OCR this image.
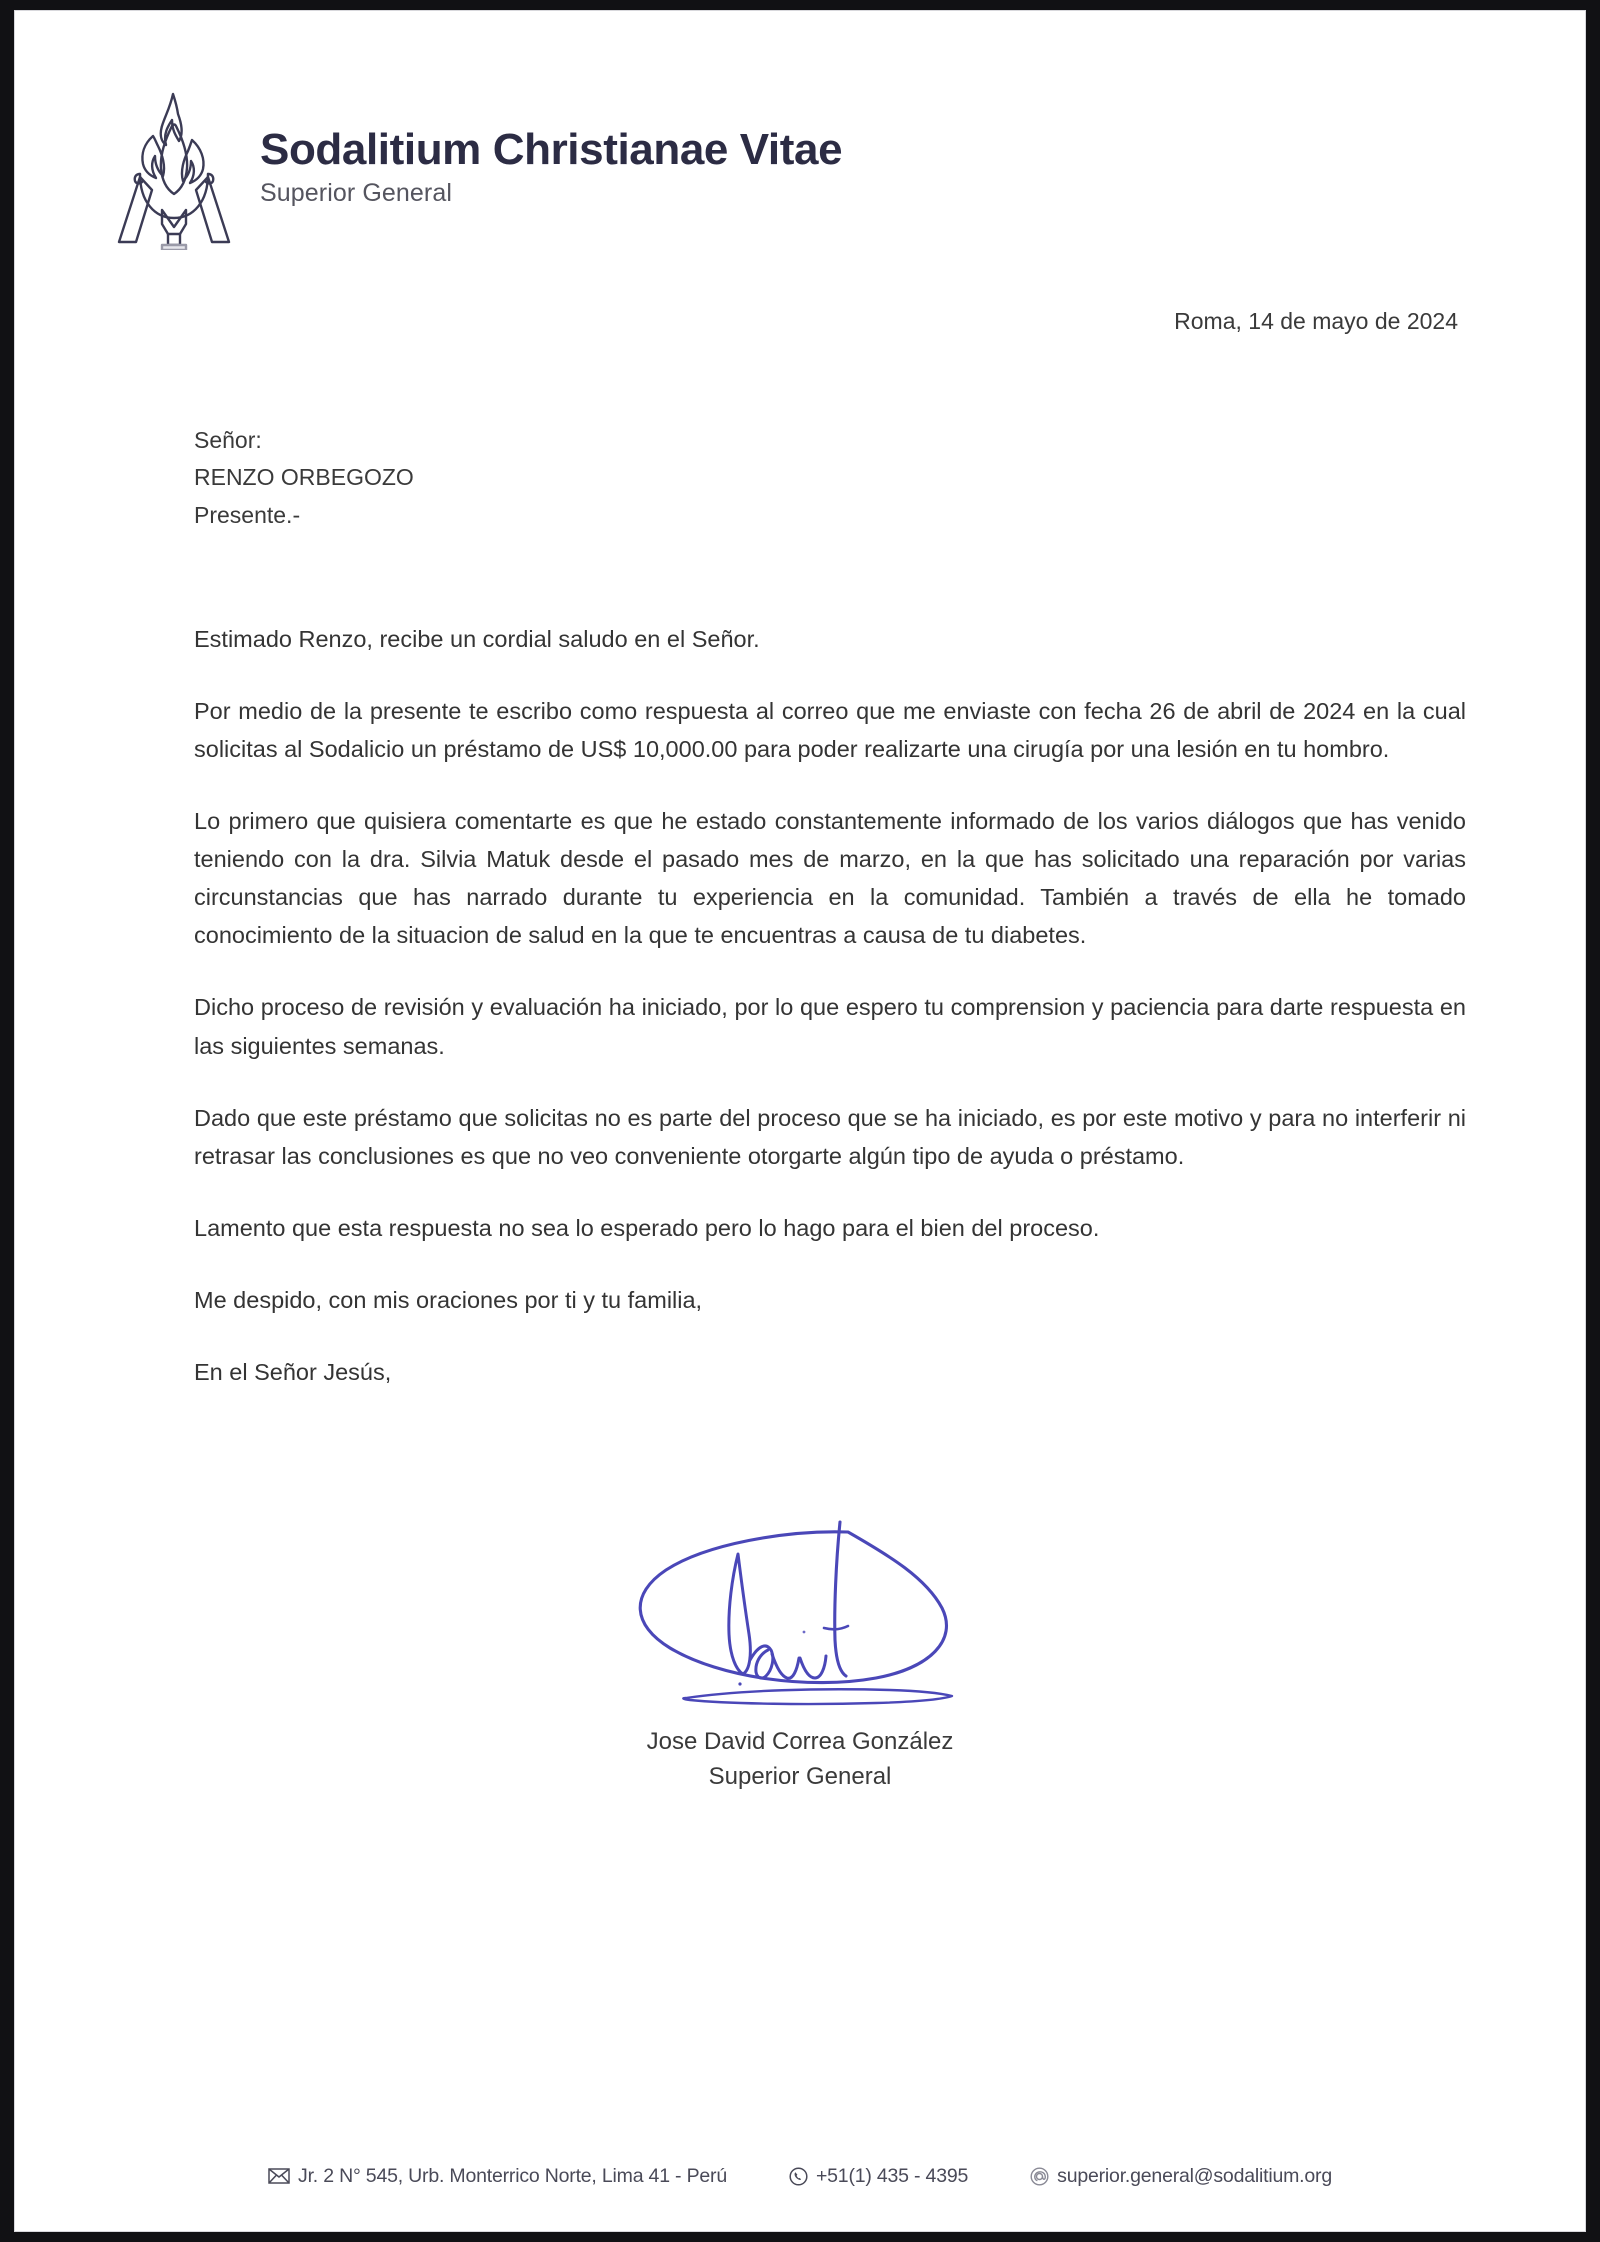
Sodalitium Christianae Vitae
Superior General
Roma, 14 de mayo de 2024
Señor:
RENZO ORBEGOZO
Presente.-

Estimado Renzo, recibe un cordial saludo en el Señor.

Por medio de la presente te escribo como respuesta al correo que me enviaste con fecha 26 de abril de 2024 en la cual solicitas al Sodalicio un préstamo de US$ 10,000.00 para poder realizarte una cirugía por una lesión en tu hombro.

Lo primero que quisiera comentarte es que he estado constantemente informado de los varios diálogos que has venido teniendo con la dra. Silvia Matuk desde el pasado mes de marzo, en la que has solicitado una reparación por varias circunstancias que has narrado durante tu experiencia en la comunidad. También a través de ella he tomado conocimiento de la situacion de salud en la que te encuentras a causa de tu diabetes.

Dicho proceso de revisión y evaluación ha iniciado, por lo que espero tu comprension y paciencia para darte respuesta en las siguientes semanas.

Dado que este préstamo que solicitas no es parte del proceso que se ha iniciado, es por este motivo y para no interferir ni retrasar las conclusiones es que no veo conveniente otorgarte algún tipo de ayuda o préstamo.

Lamento que esta respuesta no sea lo esperado pero lo hago para el bien del proceso.

Me despido, con mis oraciones por ti y tu familia,

En el Señor Jesús,

Jose David Correa González
Superior General
Jr. 2 N° 545, Urb. Monterrico Norte, Lima 41 - Perú	+51(1) 435 - 4395	superior.general@sodalitium.org
